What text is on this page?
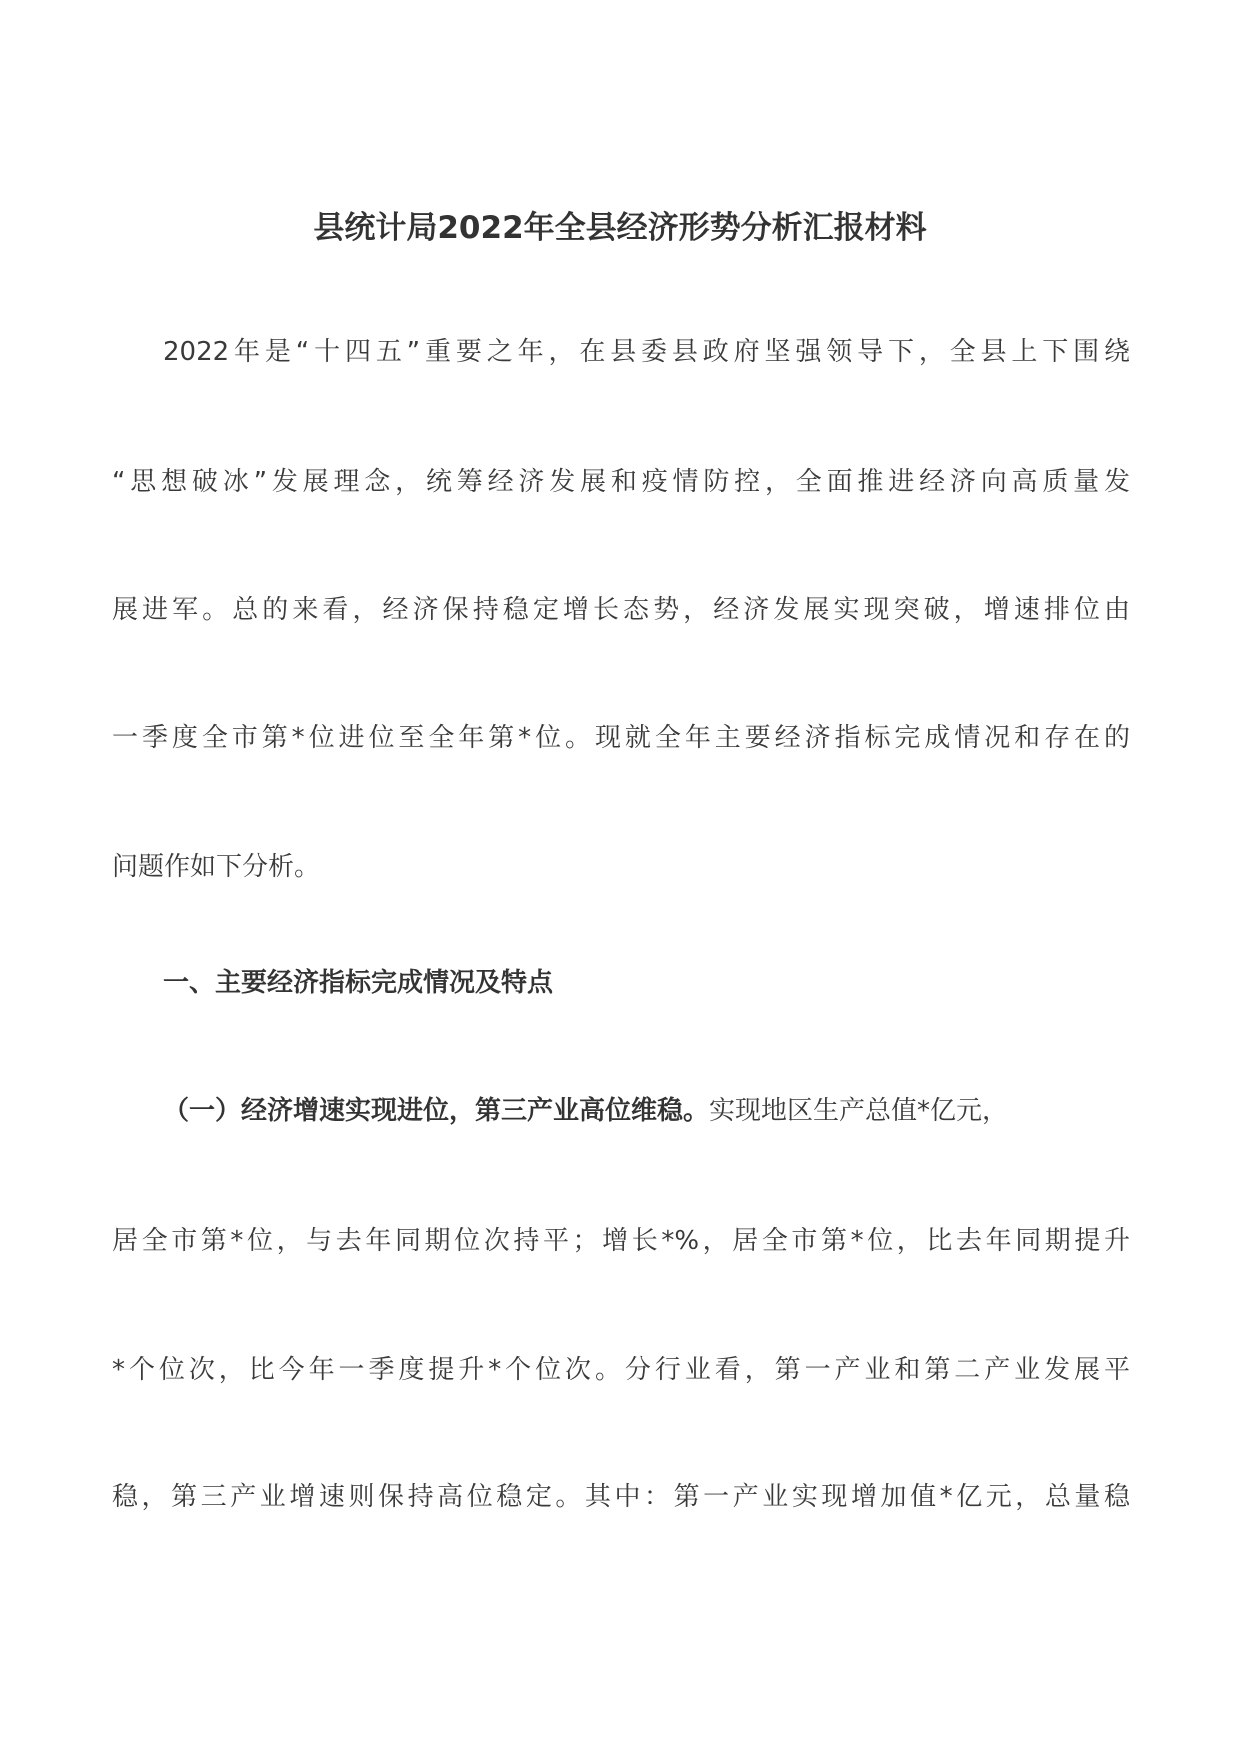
县统计局2022年全县经济形势分析汇报材料

2022年是“十四五”重要之年，在县委县政府坚强领导下，全县上下围绕

“思想破冰”发展理念，统筹经济发展和疫情防控，全面推进经济向高质量发

展进军。总的来看，经济保持稳定增长态势，经济发展实现突破，增速排位由

一季度全市第*位进位至全年第*位。现就全年主要经济指标完成情况和存在的

问题作如下分析。

一、主要经济指标完成情况及特点

（一）经济增速实现进位，第三产业高位维稳。实现地区生产总值*亿元，

居全市第*位，与去年同期位次持平；增长*%，居全市第*位，比去年同期提升

*个位次，比今年一季度提升*个位次。分行业看，第一产业和第二产业发展平

稳，第三产业增速则保持高位稳定。其中：第一产业实现增加值*亿元，总量稳
